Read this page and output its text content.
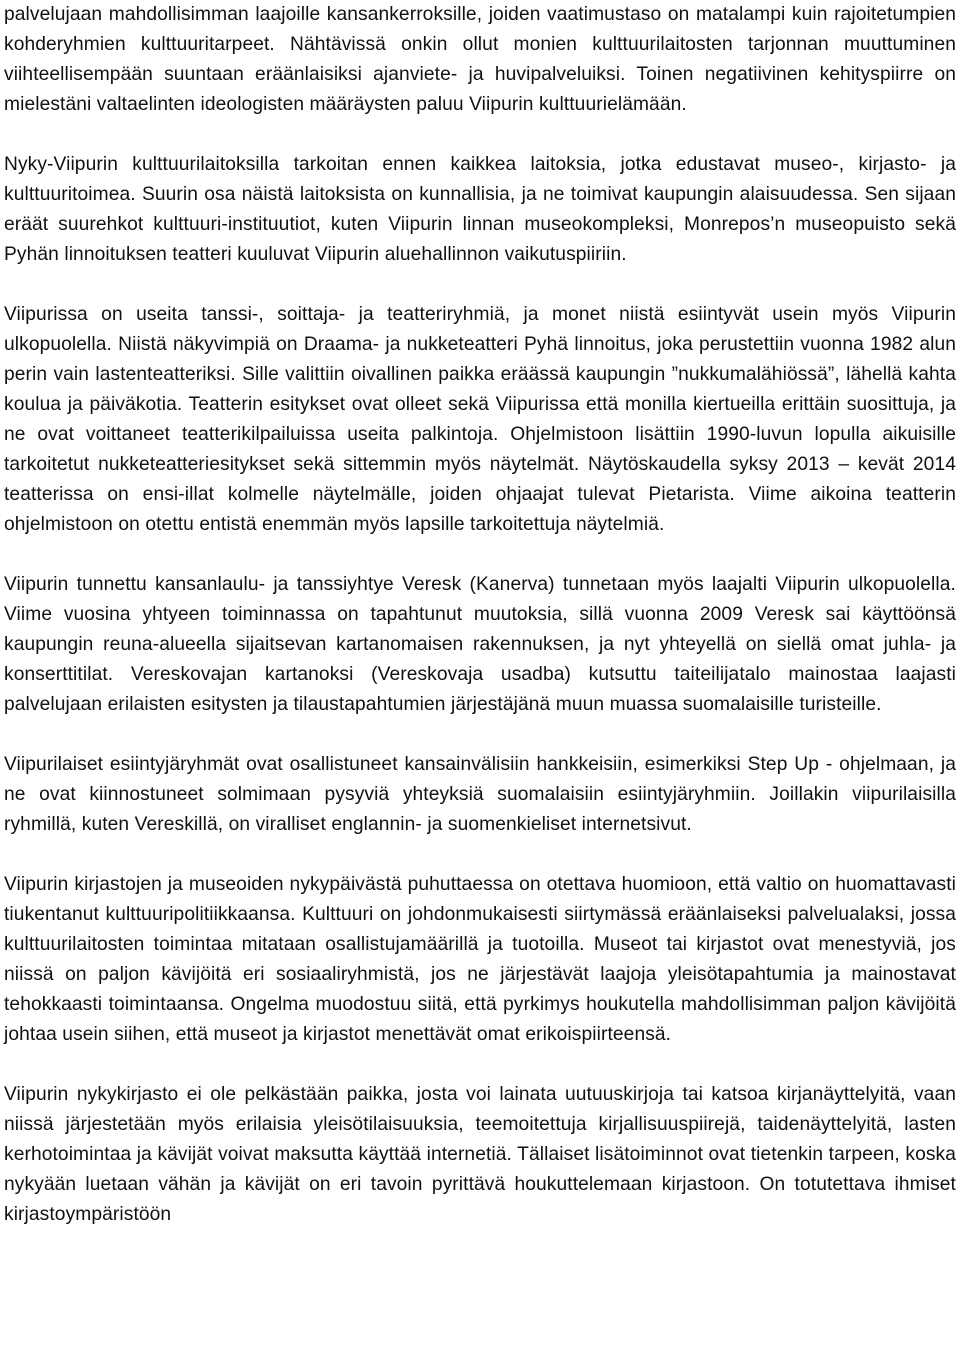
palvelujaan mahdollisimman laajoille kansankerroksille, joiden vaatimustaso on matalampi kuin rajoitetumpien kohderyhmien kulttuuritarpeet. Nähtävissä onkin ollut monien kulttuurilaitosten tarjonnan muuttuminen viihteellisempään suuntaan eräänlaisiksi ajanviete- ja huvipalveluiksi. Toinen negatiivinen kehityspiirre on mielestäni valtaelinten ideologisten määräysten paluu Viipurin kulttuurielämään.

Nyky-Viipurin kulttuurilaitoksilla tarkoitan ennen kaikkea laitoksia, jotka edustavat museo-, kirjasto- ja kulttuuritoimea. Suurin osa näistä laitoksista on kunnallisia, ja ne toimivat kaupungin alaisuudessa. Sen sijaan eräät suurehkot kulttuuri-instituutiot, kuten Viipurin linnan museokompleksi, Monrepos’n museopuisto sekä Pyhän linnoituksen teatteri kuuluvat Viipurin aluehallinnon vaikutuspiiriin.

Viipurissa on useita tanssi-, soittaja- ja teatteriryhmiä, ja monet niistä esiintyvät usein myös Viipurin ulkopuolella. Niistä näkyvimpiä on Draama- ja nukketeatteri Pyhä linnoitus, joka perustettiin vuonna 1982 alun perin vain lastenteatteriksi. Sille valittiin oivallinen paikka eräässä kaupungin ”nukkumalähiössä”, lähellä kahta koulua ja päiväkotia. Teatterin esitykset ovat olleet sekä Viipurissa että monilla kiertueilla erittäin suosittuja, ja ne ovat voittaneet teatterikilpailuissa useita palkintoja. Ohjelmistoon lisättiin 1990-luvun lopulla aikuisille tarkoitetut nukketeatteriesitykset sekä sittemmin myös näytelmät. Näytöskaudella syksy 2013 – kevät 2014 teatterissa on ensi-illat kolmelle näytelmälle, joiden ohjaajat tulevat Pietarista. Viime aikoina teatterin ohjelmistoon on otettu entistä enemmän myös lapsille tarkoitettuja näytelmiä.

Viipurin tunnettu kansanlaulu- ja tanssiyhtye Veresk (Kanerva) tunnetaan myös laajalti Viipurin ulkopuolella. Viime vuosina yhtyeen toiminnassa on tapahtunut muutoksia, sillä vuonna 2009 Veresk sai käyttöönsä kaupungin reuna-alueella sijaitsevan kartanomaisen rakennuksen, ja nyt yhteyellä on siellä omat juhla- ja konserttitilat. Vereskovajan kartanoksi (Vereskovaja usadba) kutsuttu taiteilijatalo mainostaa laajasti palvelujaan erilaisten esitysten ja tilaustapahtumien järjestäjänä muun muassa suomalaisille turisteille.

Viipurilaiset esiintyjäryhmät ovat osallistuneet kansainvälisiin hankkeisiin, esimerkiksi Step Up - ohjelmaan, ja ne ovat kiinnostuneet solmimaan pysyviä yhteyksiä suomalaisiin esiintyjäryhmiin. Joillakin viipurilaisilla ryhmillä, kuten Vereskillä, on viralliset englannin- ja suomenkieliset internetsivut.

Viipurin kirjastojen ja museoiden nykypäivästä puhuttaessa on otettava huomioon, että valtio on huomattavasti tiukentanut kulttuuripolitiikkaansa. Kulttuuri on johdonmukaisesti siirtymässä eräänlaiseksi palvelualaksi, jossa kulttuurilaitosten toimintaa mitataan osallistujamäärillä ja tuotoilla. Museot tai kirjastot ovat menestyviä, jos niissä on paljon kävijöitä eri sosiaaliryhmistä, jos ne järjestävät laajoja yleisötapahtumia ja mainostavat tehokkaasti toimintaansa. Ongelma muodostuu siitä, että pyrkimys houkutella mahdollisimman paljon kävijöitä johtaa usein siihen, että museot ja kirjastot menettävät omat erikoispiirteensä.

Viipurin nykykirjasto ei ole pelkästään paikka, josta voi lainata uutuuskirjoja tai katsoa kirjanäyttelyitä, vaan niissä järjestetään myös erilaisia yleisötilaisuuksia, teemoitettuja kirjallisuuspiirejä, taidenäyttelyitä, lasten kerhotoimintaa ja kävijät voivat maksutta käyttää internetiä. Tällaiset lisätoiminnot ovat tietenkin tarpeen, koska nykyään luetaan vähän ja kävijät on eri tavoin pyrittävä houkuttelemaan kirjastoon. On totutettava ihmiset kirjastoympäristöön
